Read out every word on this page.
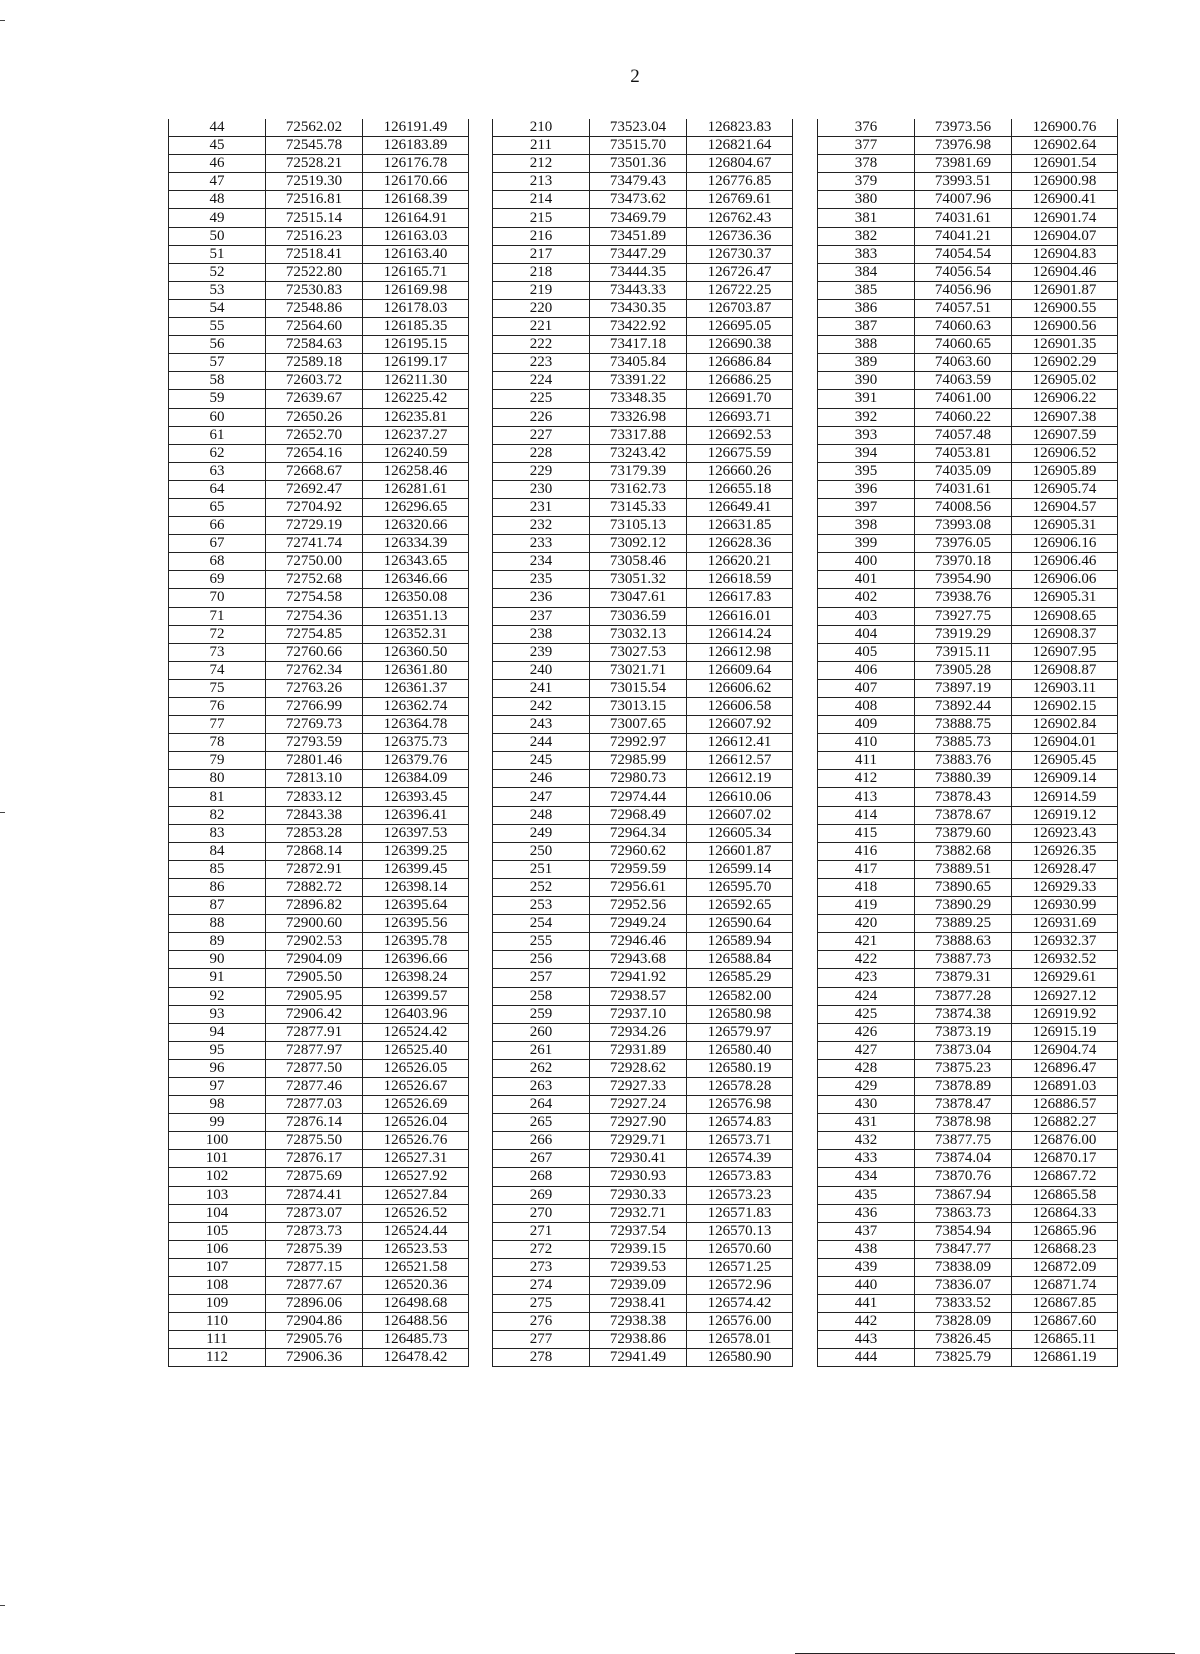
2
44	72562.02	126191.49
45	72545.78	126183.89
46	72528.21	126176.78
47	72519.30	126170.66
48	72516.81	126168.39
49	72515.14	126164.91
50	72516.23	126163.03
51	72518.41	126163.40
52	72522.80	126165.71
53	72530.83	126169.98
54	72548.86	126178.03
55	72564.60	126185.35
56	72584.63	126195.15
57	72589.18	126199.17
58	72603.72	126211.30
59	72639.67	126225.42
60	72650.26	126235.81
61	72652.70	126237.27
62	72654.16	126240.59
63	72668.67	126258.46
64	72692.47	126281.61
65	72704.92	126296.65
66	72729.19	126320.66
67	72741.74	126334.39
68	72750.00	126343.65
69	72752.68	126346.66
70	72754.58	126350.08
71	72754.36	126351.13
72	72754.85	126352.31
73	72760.66	126360.50
74	72762.34	126361.80
75	72763.26	126361.37
76	72766.99	126362.74
77	72769.73	126364.78
78	72793.59	126375.73
79	72801.46	126379.76
80	72813.10	126384.09
81	72833.12	126393.45
82	72843.38	126396.41
83	72853.28	126397.53
84	72868.14	126399.25
85	72872.91	126399.45
86	72882.72	126398.14
87	72896.82	126395.64
88	72900.60	126395.56
89	72902.53	126395.78
90	72904.09	126396.66
91	72905.50	126398.24
92	72905.95	126399.57
93	72906.42	126403.96
94	72877.91	126524.42
95	72877.97	126525.40
96	72877.50	126526.05
97	72877.46	126526.67
98	72877.03	126526.69
99	72876.14	126526.04
100	72875.50	126526.76
101	72876.17	126527.31
102	72875.69	126527.92
103	72874.41	126527.84
104	72873.07	126526.52
105	72873.73	126524.44
106	72875.39	126523.53
107	72877.15	126521.58
108	72877.67	126520.36
109	72896.06	126498.68
110	72904.86	126488.56
111	72905.76	126485.73
112	72906.36	126478.42
210	73523.04	126823.83
211	73515.70	126821.64
212	73501.36	126804.67
213	73479.43	126776.85
214	73473.62	126769.61
215	73469.79	126762.43
216	73451.89	126736.36
217	73447.29	126730.37
218	73444.35	126726.47
219	73443.33	126722.25
220	73430.35	126703.87
221	73422.92	126695.05
222	73417.18	126690.38
223	73405.84	126686.84
224	73391.22	126686.25
225	73348.35	126691.70
226	73326.98	126693.71
227	73317.88	126692.53
228	73243.42	126675.59
229	73179.39	126660.26
230	73162.73	126655.18
231	73145.33	126649.41
232	73105.13	126631.85
233	73092.12	126628.36
234	73058.46	126620.21
235	73051.32	126618.59
236	73047.61	126617.83
237	73036.59	126616.01
238	73032.13	126614.24
239	73027.53	126612.98
240	73021.71	126609.64
241	73015.54	126606.62
242	73013.15	126606.58
243	73007.65	126607.92
244	72992.97	126612.41
245	72985.99	126612.57
246	72980.73	126612.19
247	72974.44	126610.06
248	72968.49	126607.02
249	72964.34	126605.34
250	72960.62	126601.87
251	72959.59	126599.14
252	72956.61	126595.70
253	72952.56	126592.65
254	72949.24	126590.64
255	72946.46	126589.94
256	72943.68	126588.84
257	72941.92	126585.29
258	72938.57	126582.00
259	72937.10	126580.98
260	72934.26	126579.97
261	72931.89	126580.40
262	72928.62	126580.19
263	72927.33	126578.28
264	72927.24	126576.98
265	72927.90	126574.83
266	72929.71	126573.71
267	72930.41	126574.39
268	72930.93	126573.83
269	72930.33	126573.23
270	72932.71	126571.83
271	72937.54	126570.13
272	72939.15	126570.60
273	72939.53	126571.25
274	72939.09	126572.96
275	72938.41	126574.42
276	72938.38	126576.00
277	72938.86	126578.01
278	72941.49	126580.90
376	73973.56	126900.76
377	73976.98	126902.64
378	73981.69	126901.54
379	73993.51	126900.98
380	74007.96	126900.41
381	74031.61	126901.74
382	74041.21	126904.07
383	74054.54	126904.83
384	74056.54	126904.46
385	74056.96	126901.87
386	74057.51	126900.55
387	74060.63	126900.56
388	74060.65	126901.35
389	74063.60	126902.29
390	74063.59	126905.02
391	74061.00	126906.22
392	74060.22	126907.38
393	74057.48	126907.59
394	74053.81	126906.52
395	74035.09	126905.89
396	74031.61	126905.74
397	74008.56	126904.57
398	73993.08	126905.31
399	73976.05	126906.16
400	73970.18	126906.46
401	73954.90	126906.06
402	73938.76	126905.31
403	73927.75	126908.65
404	73919.29	126908.37
405	73915.11	126907.95
406	73905.28	126908.87
407	73897.19	126903.11
408	73892.44	126902.15
409	73888.75	126902.84
410	73885.73	126904.01
411	73883.76	126905.45
412	73880.39	126909.14
413	73878.43	126914.59
414	73878.67	126919.12
415	73879.60	126923.43
416	73882.68	126926.35
417	73889.51	126928.47
418	73890.65	126929.33
419	73890.29	126930.99
420	73889.25	126931.69
421	73888.63	126932.37
422	73887.73	126932.52
423	73879.31	126929.61
424	73877.28	126927.12
425	73874.38	126919.92
426	73873.19	126915.19
427	73873.04	126904.74
428	73875.23	126896.47
429	73878.89	126891.03
430	73878.47	126886.57
431	73878.98	126882.27
432	73877.75	126876.00
433	73874.04	126870.17
434	73870.76	126867.72
435	73867.94	126865.58
436	73863.73	126864.33
437	73854.94	126865.96
438	73847.77	126868.23
439	73838.09	126872.09
440	73836.07	126871.74
441	73833.52	126867.85
442	73828.09	126867.60
443	73826.45	126865.11
444	73825.79	126861.19
